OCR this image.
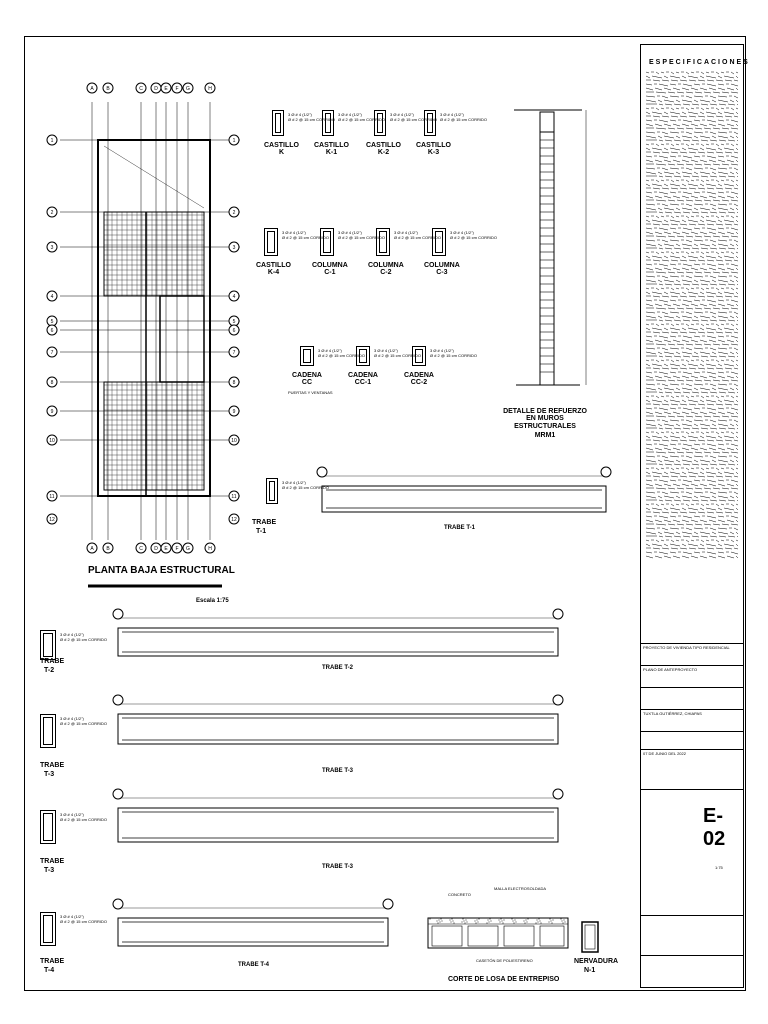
A
A
B
B
C
C
D
D
E
E
F
F
G
G
H
H
1	1
2	2
3	3
4	4
5	5
6	6
7	7
8	8
9	9
10	10
11	11
12	12
CASTILLO
K
3 Ø # 4 (1/2")
Ø # 2 @ 15 cm CORRIDO
CASTILLO
K-1
3 Ø # 4 (1/2")
Ø # 2 @ 15 cm CORRIDO
CASTILLO
K-2
3 Ø # 4 (1/2")
Ø # 2 @ 15 cm CORRIDO
CASTILLO
K-3
3 Ø # 4 (1/2")
Ø # 2 @ 15 cm CORRIDO
CASTILLO
K-4
3 Ø # 4 (1/2")
Ø # 2 @ 15 cm CORRIDO
COLUMNA
C-1
3 Ø # 4 (1/2")
Ø # 2 @ 15 cm CORRIDO
COLUMNA
C-2
3 Ø # 4 (1/2")
Ø # 2 @ 15 cm CORRIDO
COLUMNA
C-3
3 Ø # 4 (1/2")
Ø # 2 @ 15 cm CORRIDO
CADENA
CC
3 Ø # 4 (1/2")
Ø # 2 @ 15 cm CORRIDO
PUERTAS Y VENTANAS
CADENA
CC-1
3 Ø # 4 (1/2")
Ø # 2 @ 15 cm CORRIDO
CADENA
CC-2
3 Ø # 4 (1/2")
Ø # 2 @ 15 cm CORRIDO

3 Ø # 4 (1/2")
Ø # 2 @ 15 cm CORRIDO

3 Ø # 4 (1/2")
Ø # 2 @ 15 cm CORRIDO

3 Ø # 4 (1/2")
Ø # 2 @ 15 cm CORRIDO

3 Ø # 4 (1/2")
Ø # 2 @ 15 cm CORRIDO

3 Ø # 4 (1/2")
Ø # 2 @ 15 cm CORRIDO
PLANTA BAJA ESTRUCTURAL
Escala 1:75
DETALLE DE REFUERZO EN MUROS ESTRUCTURALES
MRM1
TRABE
T-1	TRABE T-1
TRABE
T-2	TRABE T-2
TRABE
T-3	TRABE T-3
TRABE
T-3	TRABE T-3
TRABE
T-4
TRABE T-4
CORTE DE LOSA DE ENTREPISO
CONCRETO
MALLA ELECTROSOLDADA
CASETÓN DE POLIESTIRENO	NERVADURA
N-1
ESPECIFICACIONES
PROYECTO DE VIVIENDA TIPO RESIDENCIAL
PLANO DE ANTEPROYECTO
TUXTLA GUTIÉRREZ, CHIAPAS
07 DE JUNIO DEL 2022
E-02
1:75
